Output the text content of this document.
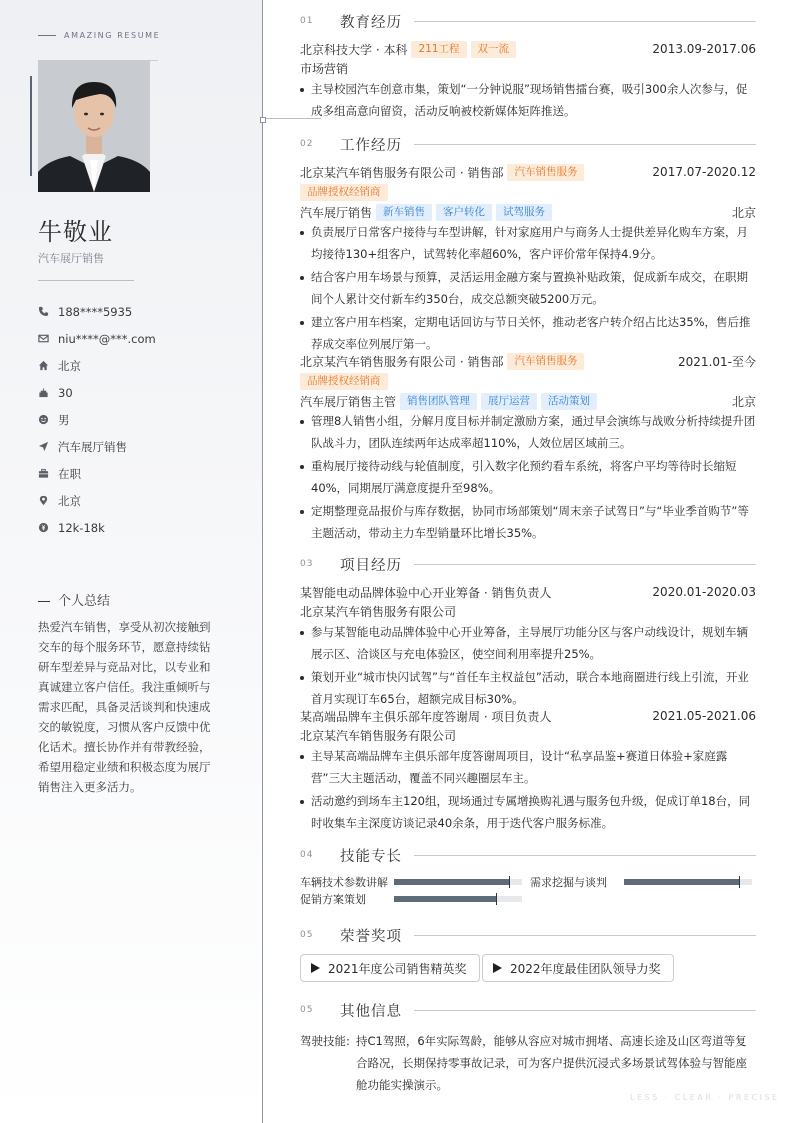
AMAZING RESUME
牛敬业
汽车展厅销售
188****5935
niu****@***.com
北京
30
男
汽车展厅销售
在职
北京
12k-18k
个人总结
热爱汽车销售，享受从初次接触到交车的每个服务环节，愿意持续钻研车型差异与竞品对比，以专业和真诚建立客户信任。我注重倾听与需求匹配，具备灵活谈判和快速成交的敏锐度，习惯从客户反馈中优化话术。擅长协作并有带教经验，希望用稳定业绩和积极态度为展厅销售注入更多活力。
01	教育经历
北京科技大学 · 本科	211工程	双一流	2013.09-2017.06
市场营销
主导校园汽车创意市集，策划“一分钟说服”现场销售擂台赛，吸引300余人次参与，促成多组高意向留资，活动反响被校新媒体矩阵推送。
02	工作经历
北京某汽车销售服务有限公司 · 销售部	汽车销售服务	2017.07-2020.12
品牌授权经销商
汽车展厅销售	新车销售	客户转化	试驾服务	北京
负责展厅日常客户接待与车型讲解，针对家庭用户与商务人士提供差异化购车方案，月均接待130+组客户，试驾转化率超60%，客户评价常年保持4.9分。
结合客户用车场景与预算，灵活运用金融方案与置换补贴政策，促成新车成交，在职期间个人累计交付新车约350台，成交总额突破5200万元。
建立客户用车档案，定期电话回访与节日关怀，推动老客户转介绍占比达35%，售后推荐成交率位列展厅第一。
北京某汽车销售服务有限公司 · 销售部	汽车销售服务	2021.01-至今
品牌授权经销商
汽车展厅销售主管	销售团队管理	展厅运营	活动策划	北京
管理8人销售小组，分解月度目标并制定激励方案，通过早会演练与战败分析持续提升团队战斗力，团队连续两年达成率超110%，人效位居区域前三。
重构展厅接待动线与轮值制度，引入数字化预约看车系统，将客户平均等待时长缩短40%，同期展厅满意度提升至98%。
定期整理竞品报价与库存数据，协同市场部策划“周末亲子试驾日”与“毕业季首购节”等主题活动，带动主力车型销量环比增长35%。
03	项目经历
某智能电动品牌体验中心开业筹备 · 销售负责人	2020.01-2020.03
北京某汽车销售服务有限公司
参与某智能电动品牌体验中心开业筹备，主导展厅功能分区与客户动线设计，规划车辆展示区、洽谈区与充电体验区，使空间利用率提升25%。
策划开业“城市快闪试驾”与“首任车主权益包”活动，联合本地商圈进行线上引流，开业首月实现订车65台，超额完成目标30%。
某高端品牌车主俱乐部年度答谢周 · 项目负责人	2021.05-2021.06
北京某汽车销售服务有限公司
主导某高端品牌车主俱乐部年度答谢周项目，设计“私享品鉴+赛道日体验+家庭露营”三大主题活动，覆盖不同兴趣圈层车主。
活动邀约到场车主120组，现场通过专属增换购礼遇与服务包升级，促成订单18台，同时收集车主深度访谈记录40余条，用于迭代客户服务标准。
04	技能专长
车辆技术参数讲解	需求挖掘与谈判
促销方案策划
05	荣誉奖项
2021年度公司销售精英奖	2022年度最佳团队领导力奖
05	其他信息
驾驶技能: 持C1驾照，6年实际驾龄，能够从容应对城市拥堵、高速长途及山区弯道等复合路况，长期保持零事故记录，可为客户提供沉浸式多场景试驾体验与智能座舱功能实操演示。
LESS · CLEAR · PRECISE
